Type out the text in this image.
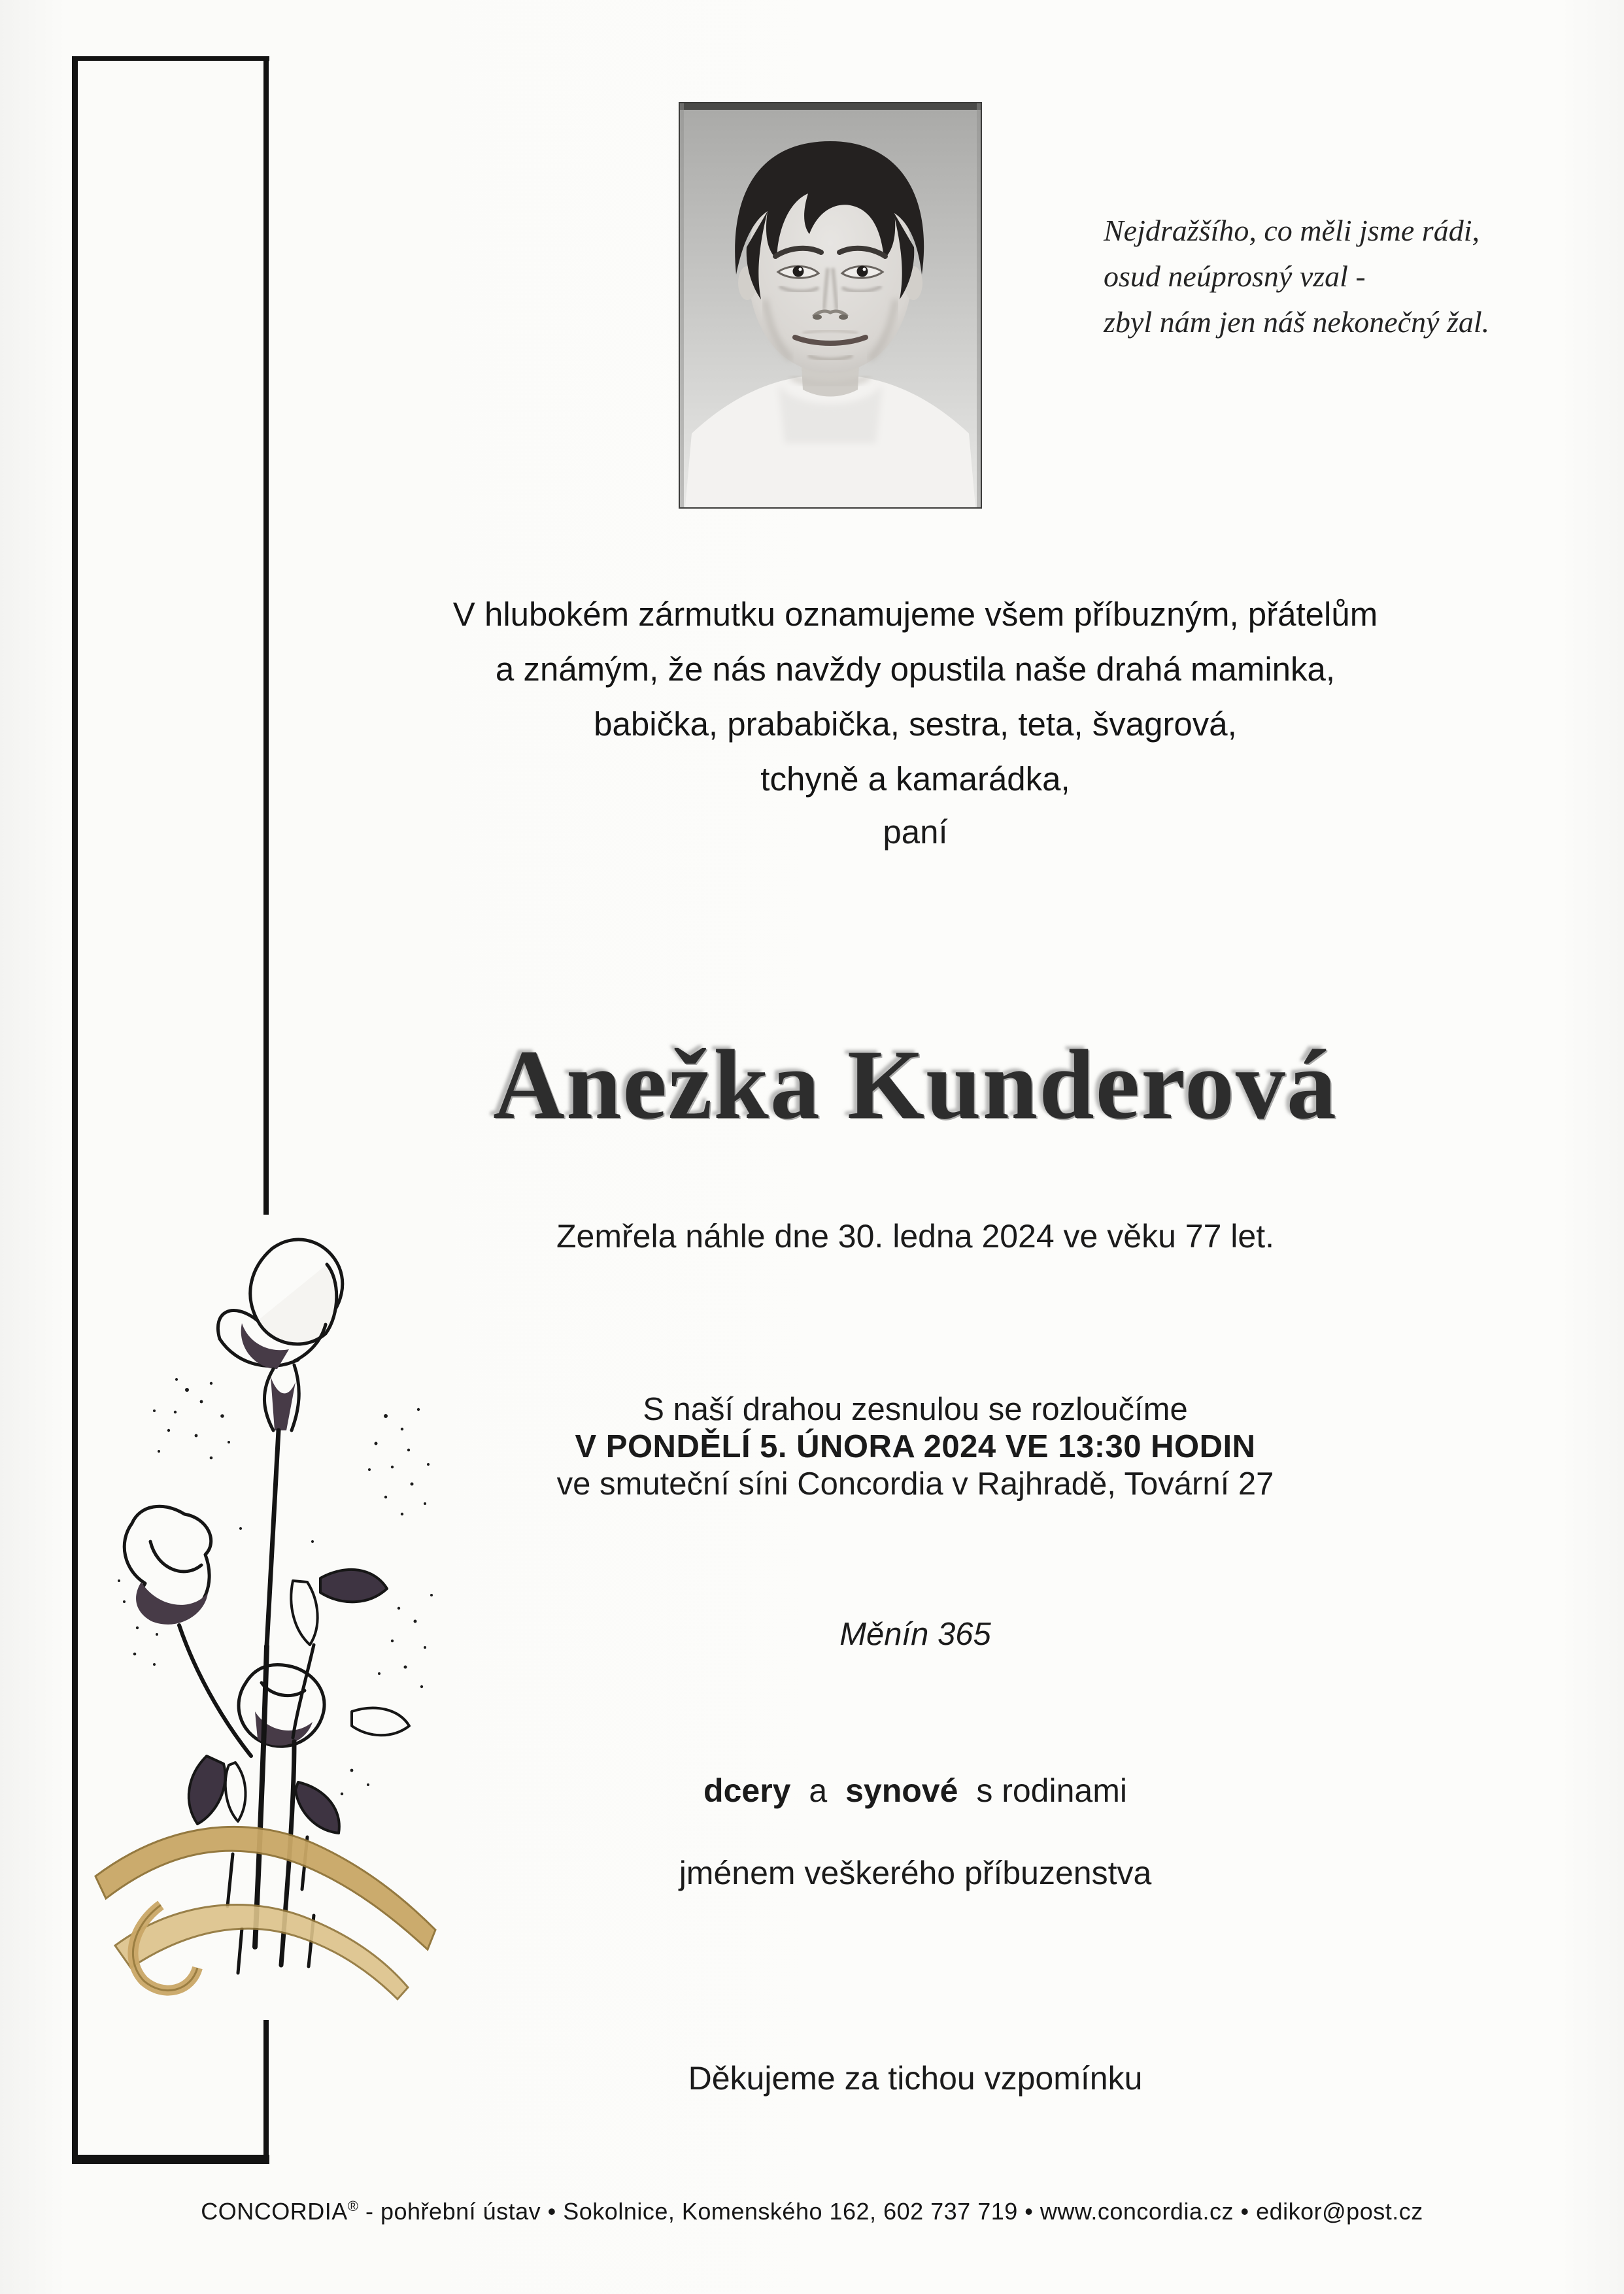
Nejdražšího, co měli jsme rádi,
osud neúprosný vzal -
zbyl nám jen náš nekonečný žal.
V hlubokém zármutku oznamujeme všem příbuzným, přátelům
a známým, že nás navždy opustila naše drahá maminka,
babička, prababička, sestra, teta, švagrová,
tchyně a kamarádka,
paní
Anežka Kunderová
Zemřela náhle dne 30. ledna 2024 ve věku 77 let.
S naší drahou zesnulou se rozloučíme
V PONDĚLÍ 5. ÚNORA 2024 VE 13:30 HODIN
ve smuteční síni Concordia v Rajhradě, Tovární 27
Měnín 365
dcery a synové s rodinami
jménem veškerého příbuzenstva
Děkujeme za tichou vzpomínku
CONCORDIA® - pohřební ústav • Sokolnice, Komenského 162, 602 737 719 • www.concordia.cz • edikor@post.cz
